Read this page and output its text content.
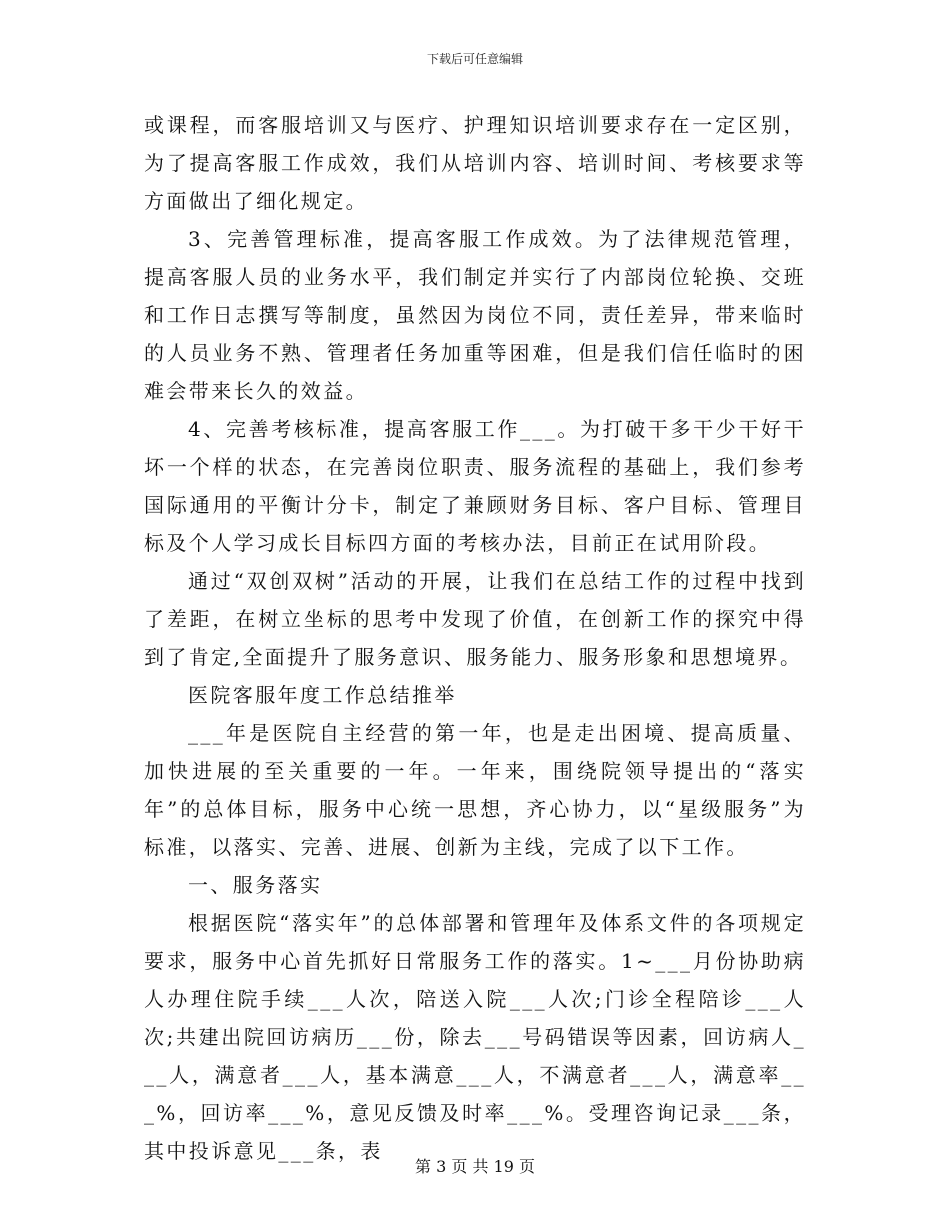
下载后可任意编辑

或课程，而客服培训又与医疗、护理知识培训要求存在一定区别，为了提高客服工作成效，我们从培训内容、培训时间、考核要求等方面做出了细化规定。

3、完善管理标准，提高客服工作成效。为了法律规范管理，提高客服人员的业务水平，我们制定并实行了内部岗位轮换、交班和工作日志撰写等制度，虽然因为岗位不同，责任差异，带来临时的人员业务不熟、管理者任务加重等困难，但是我们信任临时的困难会带来长久的效益。

4、完善考核标准，提高客服工作___。为打破干多干少干好干坏一个样的状态，在完善岗位职责、服务流程的基础上，我们参考国际通用的平衡计分卡，制定了兼顾财务目标、客户目标、管理目标及个人学习成长目标四方面的考核办法，目前正在试用阶段。

通过“双创双树”活动的开展，让我们在总结工作的过程中找到了差距，在树立坐标的思考中发现了价值，在创新工作的探究中得到了肯定,全面提升了服务意识、服务能力、服务形象和思想境界。

医院客服年度工作总结推举

___年是医院自主经营的第一年，也是走出困境、提高质量、加快进展的至关重要的一年。一年来，围绕院领导提出的“落实年”的总体目标，服务中心统一思想，齐心协力，以“星级服务”为标准，以落实、完善、进展、创新为主线，完成了以下工作。

一、服务落实

根据医院“落实年”的总体部署和管理年及体系文件的各项规定要求，服务中心首先抓好日常服务工作的落实。1~___月份协助病人办理住院手续___人次，陪送入院___人次;门诊全程陪诊___人次;共建出院回访病历___份，除去___号码错误等因素，回访病人___人，满意者___人，基本满意___人，不满意者___人，满意率___%，回访率___%，意见反馈及时率___%。受理咨询记录___条，其中投诉意见___条，表

第 3 页 共 19 页
